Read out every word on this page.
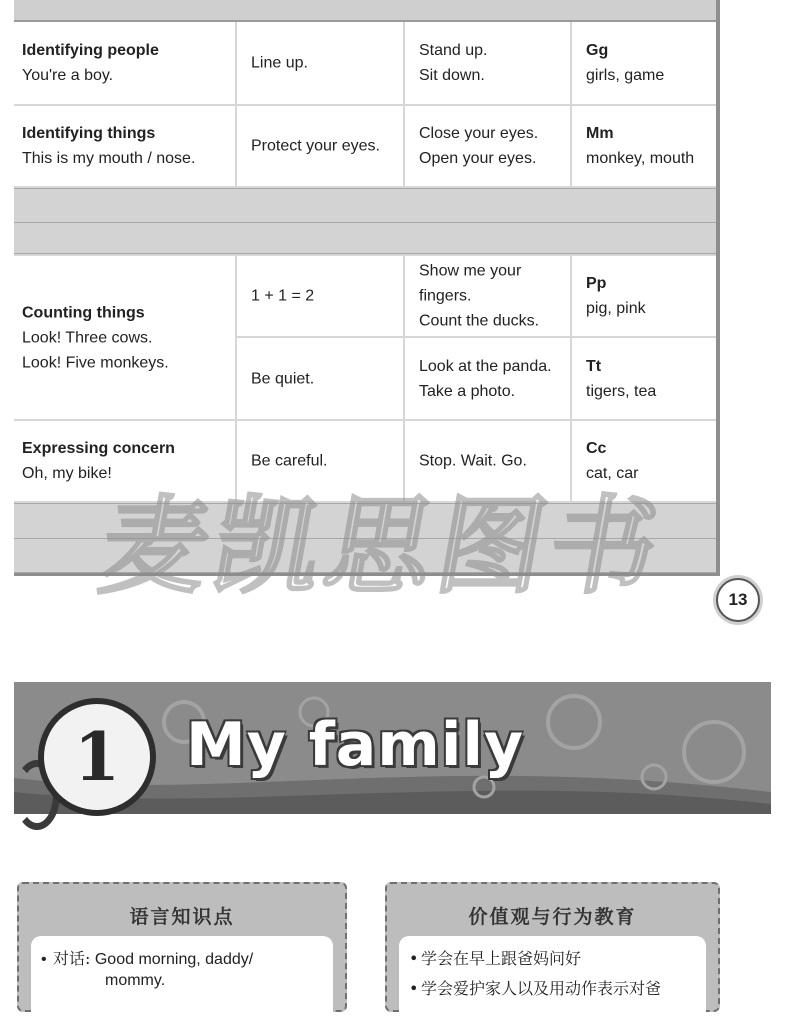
Identifying people
You're a boy.
Line up.
Stand up.
Sit down.
Gg
girls, game
Identifying things
This is my mouth / nose.
Protect your eyes.
Close your eyes.
Open your eyes.
Mm
monkey, mouth
Counting things
Look! Three cows.
Look! Five monkeys.
1 + 1 = 2
Show me your
fingers.
Count the ducks.
Pp
pig, pink
Be quiet.
Look at the panda.
Take a photo.
Tt
tigers, tea
Expressing concern
Oh, my bike!
Be careful.	Stop. Wait. Go.
Cc
cat, car
13
1	My family
语言知识点
• 对话: Good morning, daddy/
mommy.
价值观与行为教育
• 学会在早上跟爸妈问好
• 学会爱护家人以及用动作表示对爸
